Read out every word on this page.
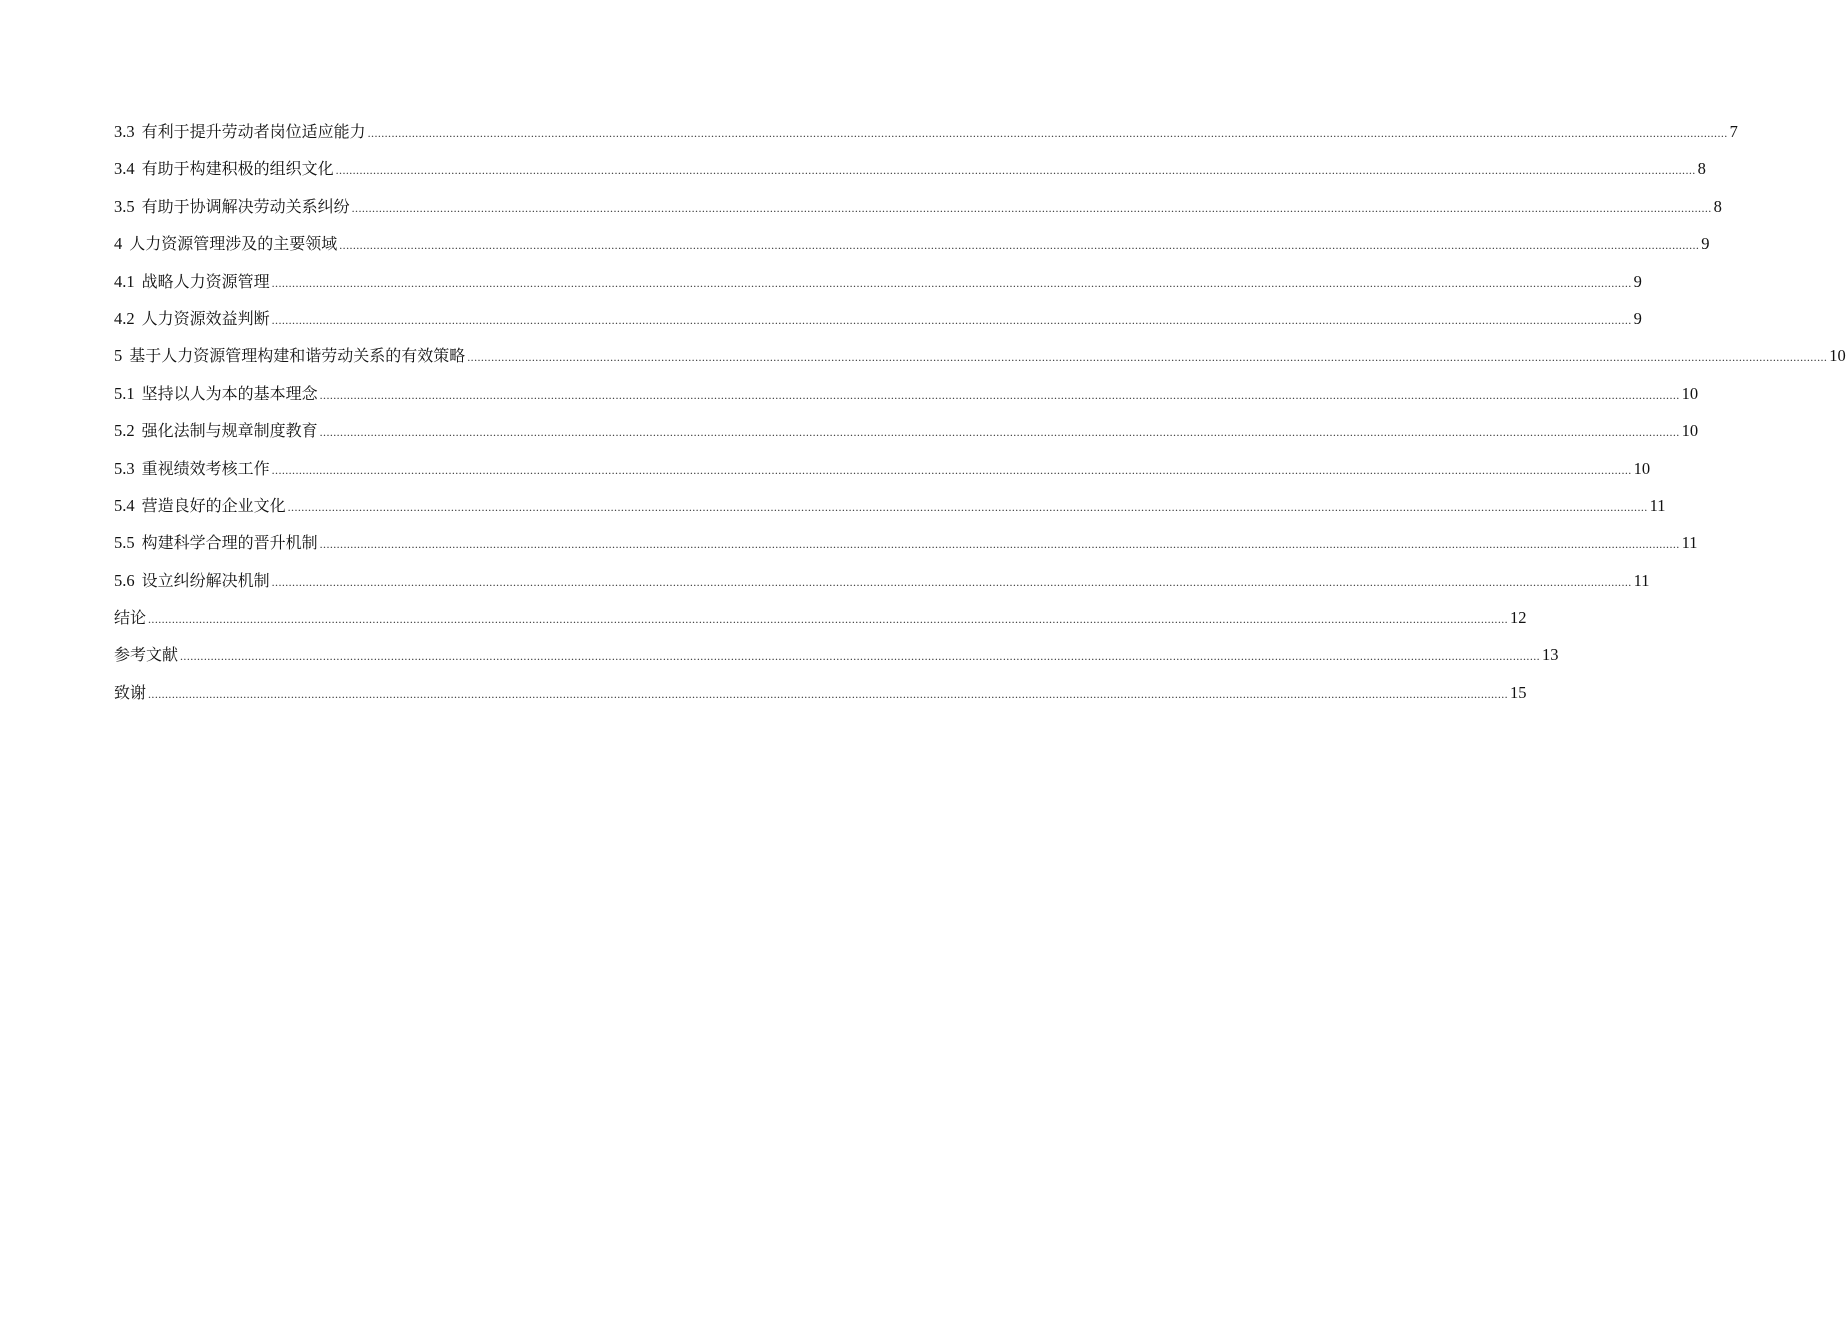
3.3 有利于提升劳动者岗位适应能力 ................................................................................................................................................................................................................................................................................................................................................................................................................ 7
3.4 有助于构建积极的组织文化 ................................................................................................................................................................................................................................................................................................................................................................................................................ 8
3.5 有助于协调解决劳动关系纠纷 ................................................................................................................................................................................................................................................................................................................................................................................................................ 8
4 人力资源管理涉及的主要领域 ................................................................................................................................................................................................................................................................................................................................................................................................................ 9
4.1 战略人力资源管理 ................................................................................................................................................................................................................................................................................................................................................................................................................ 9
4.2 人力资源效益判断 ................................................................................................................................................................................................................................................................................................................................................................................................................ 9
5 基于人力资源管理构建和谐劳动关系的有效策略 ................................................................................................................................................................................................................................................................................................................................................................................................................ 10
5.1 坚持以人为本的基本理念 ................................................................................................................................................................................................................................................................................................................................................................................................................ 10
5.2 强化法制与规章制度教育 ................................................................................................................................................................................................................................................................................................................................................................................................................ 10
5.3 重视绩效考核工作 ................................................................................................................................................................................................................................................................................................................................................................................................................ 10
5.4 营造良好的企业文化 ................................................................................................................................................................................................................................................................................................................................................................................................................ 11
5.5 构建科学合理的晋升机制 ................................................................................................................................................................................................................................................................................................................................................................................................................ 11
5.6 设立纠纷解决机制 ................................................................................................................................................................................................................................................................................................................................................................................................................ 11
结论 ................................................................................................................................................................................................................................................................................................................................................................................................................ 12
参考文献 ................................................................................................................................................................................................................................................................................................................................................................................................................ 13
致谢 ................................................................................................................................................................................................................................................................................................................................................................................................................ 15
